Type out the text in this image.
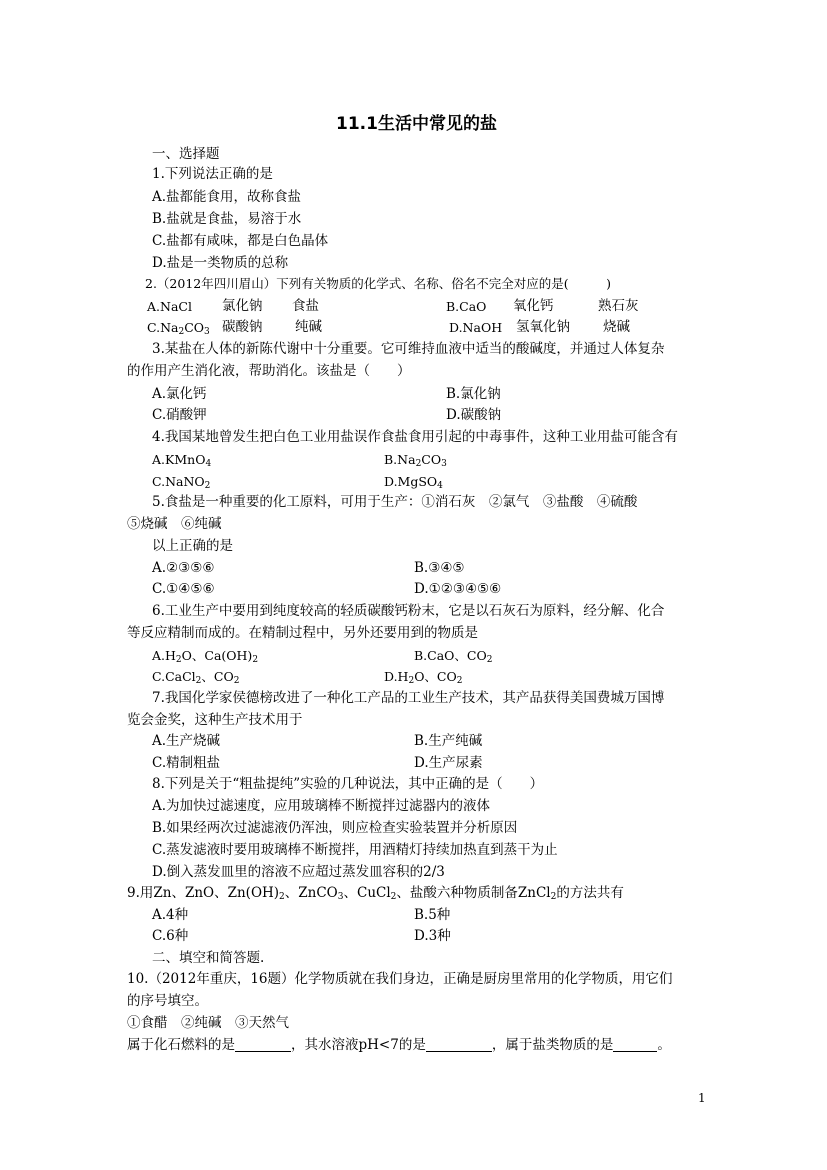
11.1生活中常见的盐
一、选择题
1.下列说法正确的是
A.盐都能食用，故称食盐
B.盐就是食盐，易溶于水
C.盐都有咸味，都是白色晶体
D.盐是一类物质的总称
2.（2012年四川眉山）下列有关物质的化学式、名称、俗名不完全对应的是(　　　)
A.NaCl 氯化钠 食盐	B.CaO 氧化钙	熟石灰
$C.Na_2CO_3$ 碳酸钠 纯碱	D.NaOH 氢氧化钠 烧碱
3.某盐在人体的新陈代谢中十分重要。它可维持血液中适当的酸碱度，并通过人体复杂
的作用产生消化液，帮助消化。该盐是（　　）
A.氯化钙	B.氯化钠
C.硝酸钾	D.碳酸钠
4.我国某地曾发生把白色工业用盐误作食盐食用引起的中毒事件，这种工业用盐可能含有
A.KMnO$_4$	$B.Na_2CO_3$
C.NaNO$_2$	D.MgSO$_4$
5.食盐是一种重要的化工原料，可用于生产：①消石灰　②氯气　③盐酸　④硫酸
⑤烧碱　⑥纯碱
以上正确的是
A.②③⑤⑥	B.③④⑤
C.①④⑤⑥	D.①②③④⑤⑥
6.工业生产中要用到纯度较高的轻质碳酸钙粉末，它是以石灰石为原料，经分解、化合
等反应精制而成的。在精制过程中，另外还要用到的物质是
$A.H_2O$、$Ca(OH)_2$	B.CaO、$CO_2$
C.CaCl$_2$、$CO_2$	$D.H_2O$、$CO_2$
7.我国化学家侯德榜改进了一种化工产品的工业生产技术，其产品获得美国费城万国博
览会金奖，这种生产技术用于
A.生产烧碱	B.生产纯碱
C.精制粗盐	D.生产尿素
8.下列是关于“粗盐提纯”实验的几种说法，其中正确的是（　　）
A.为加快过滤速度，应用玻璃棒不断搅拌过滤器内的液体
B.如果经两次过滤滤液仍浑浊，则应检查实验装置并分析原因
C.蒸发滤液时要用玻璃棒不断搅拌，用酒精灯持续加热直到蒸干为止
D.倒入蒸发皿里的溶液不应超过蒸发皿容积的2/3
9.用Zn、ZnO、$Zn(OH)_2$、ZnCO$_3$、CuCl$_2$、盐酸六种物质制备ZnCl$_2$的方法共有
A.4种	B.5种
C.6种	D.3种
二、填空和简答题.
10.（2012年重庆，16题）化学物质就在我们身边，正确是厨房里常用的化学物质，用它们
的序号填空。
①食醋　②纯碱　③天然气
属于化石燃料的是	，其水溶液pH<7的是	，属于盐类物质的是	。
1
